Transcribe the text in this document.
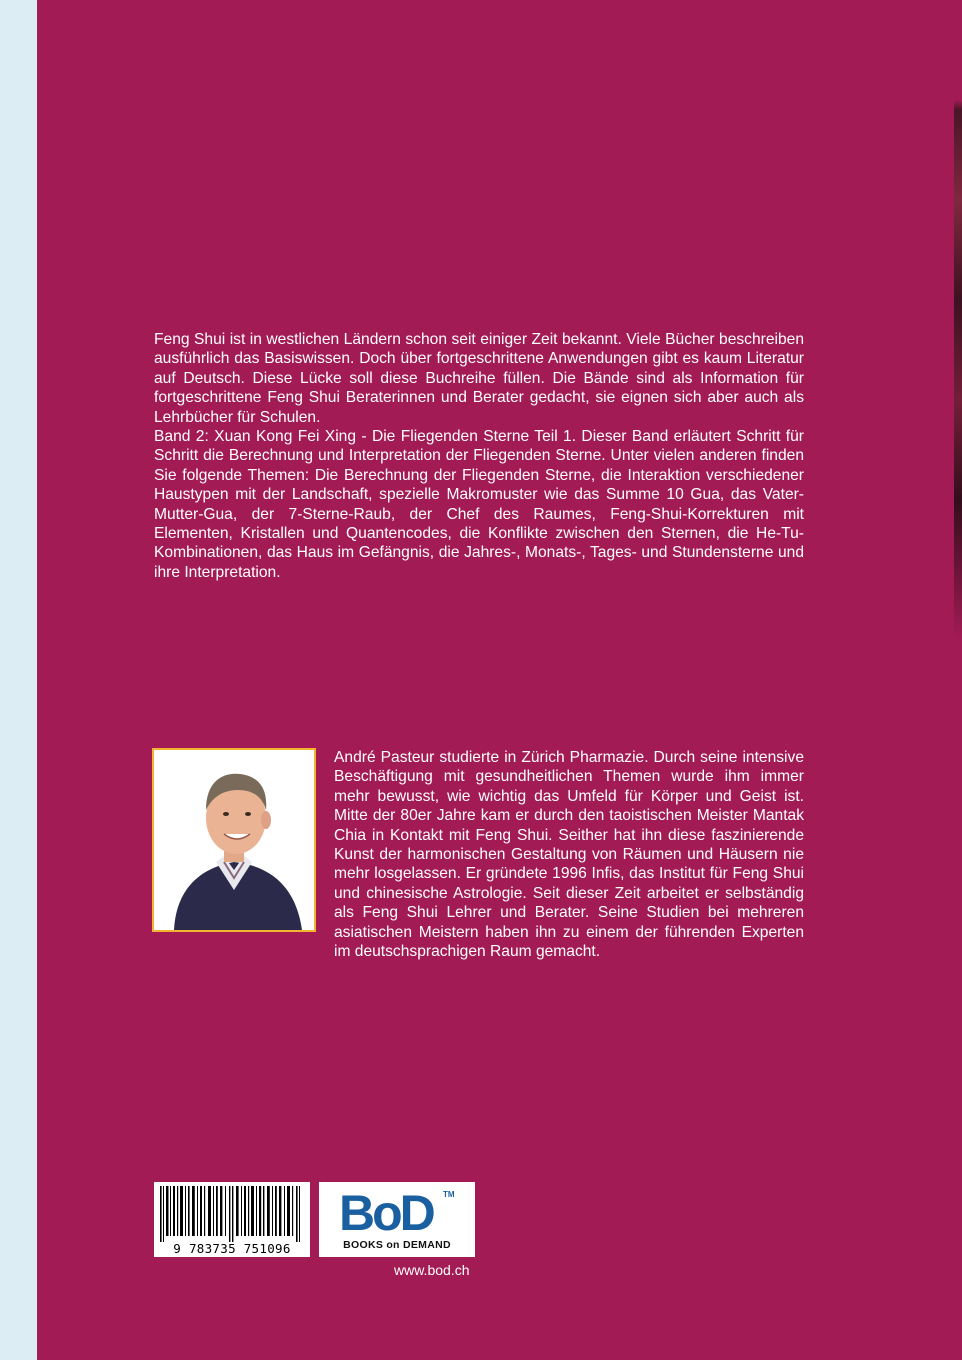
Feng Shui ist in westlichen Ländern schon seit einiger Zeit bekannt. Viele Bücher beschreiben ausführlich das Basiswissen. Doch über fortgeschrittene Anwendungen gibt es kaum Literatur auf Deutsch. Diese Lücke soll diese Buchreihe füllen. Die Bände sind als Information für fortgeschrittene Feng Shui Beraterinnen und Berater gedacht, sie eignen sich aber auch als Lehrbücher für Schulen.

Band 2: Xuan Kong Fei Xing - Die Fliegenden Sterne Teil 1. Dieser Band erläutert Schritt für Schritt die Berechnung und Interpretation der Fliegenden Sterne. Unter vielen anderen finden Sie folgende Themen: Die Berechnung der Fliegenden Sterne, die Interaktion verschiedener Haustypen mit der Landschaft, spezielle Makromuster wie das Summe 10 Gua, das Vater-Mutter-Gua, der 7-Sterne-Raub, der Chef des Raumes, Feng-Shui-Korrekturen mit Elementen, Kristallen und Quantencodes, die Konflikte zwischen den Sternen, die He-Tu-Kombinationen, das Haus im Gefängnis, die Jahres-, Monats-, Tages- und Stundensterne und ihre Interpretation.

André Pasteur studierte in Zürich Pharmazie. Durch seine intensive Beschäftigung mit gesundheitlichen Themen wurde ihm immer mehr bewusst, wie wichtig das Umfeld für Körper und Geist ist. Mitte der 80er Jahre kam er durch den taoistischen Meister Mantak Chia in Kontakt mit Feng Shui. Seither hat ihn diese faszinierende Kunst der harmonischen Gestaltung von Räumen und Häusern nie mehr losgelassen. Er gründete 1996 Infis, das Institut für Feng Shui und chinesische Astrologie. Seit dieser Zeit arbeitet er selbständig als Feng Shui Lehrer und Berater. Seine Studien bei mehreren asiatischen Meistern haben ihn zu einem der führenden Experten im deutschsprachigen Raum gemacht.

9 783735 751096
BoD TM
BOOKS on DEMAND
www.bod.ch
